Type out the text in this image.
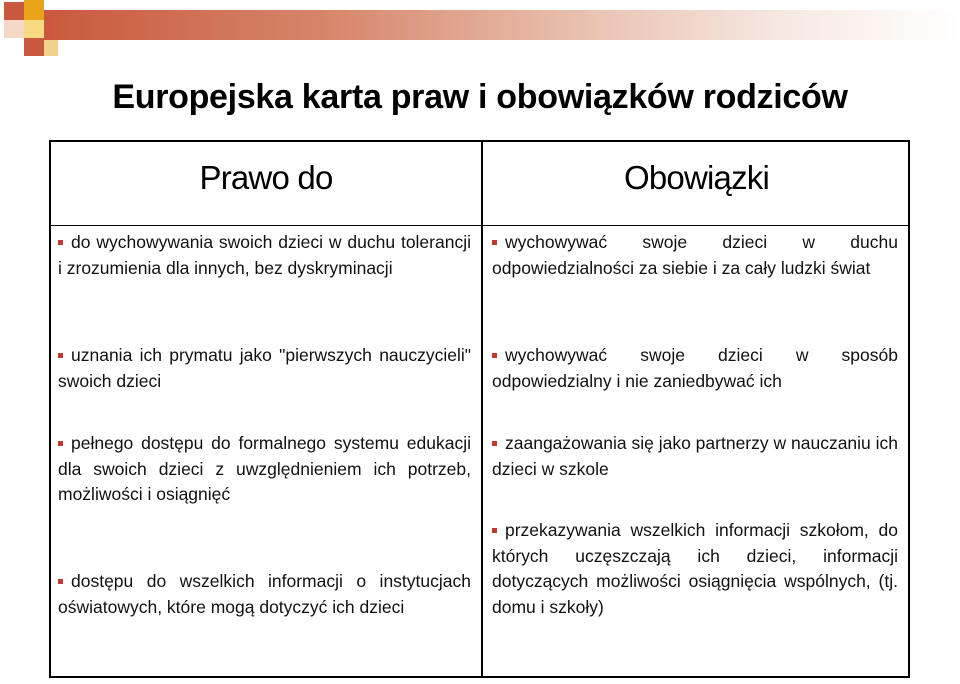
Europejska karta praw i obowiązków rodziców
Prawo do	Obowiązki
do wychowywania swoich dzieci w duchu tolerancji i zrozumienia dla innych, bez dyskryminacji
uznania ich prymatu jako "pierwszych nauczycieli" swoich dzieci
pełnego dostępu do formalnego systemu edukacji dla swoich dzieci z uwzględnieniem ich potrzeb, możliwości i osiągnięć
dostępu do wszelkich informacji o instytucjach oświatowych, które mogą dotyczyć ich dzieci
wychowywać swoje dzieci w duchu odpowiedzialności za siebie i za cały ludzki świat
wychowywać swoje dzieci w sposób odpowiedzialny i nie zaniedbywać ich
zaangażowania się jako partnerzy w nauczaniu ich dzieci w szkole
przekazywania wszelkich informacji szkołom, do których uczęszczają ich dzieci, informacji dotyczących możliwości osiągnięcia wspólnych, (tj. domu i szkoły)
